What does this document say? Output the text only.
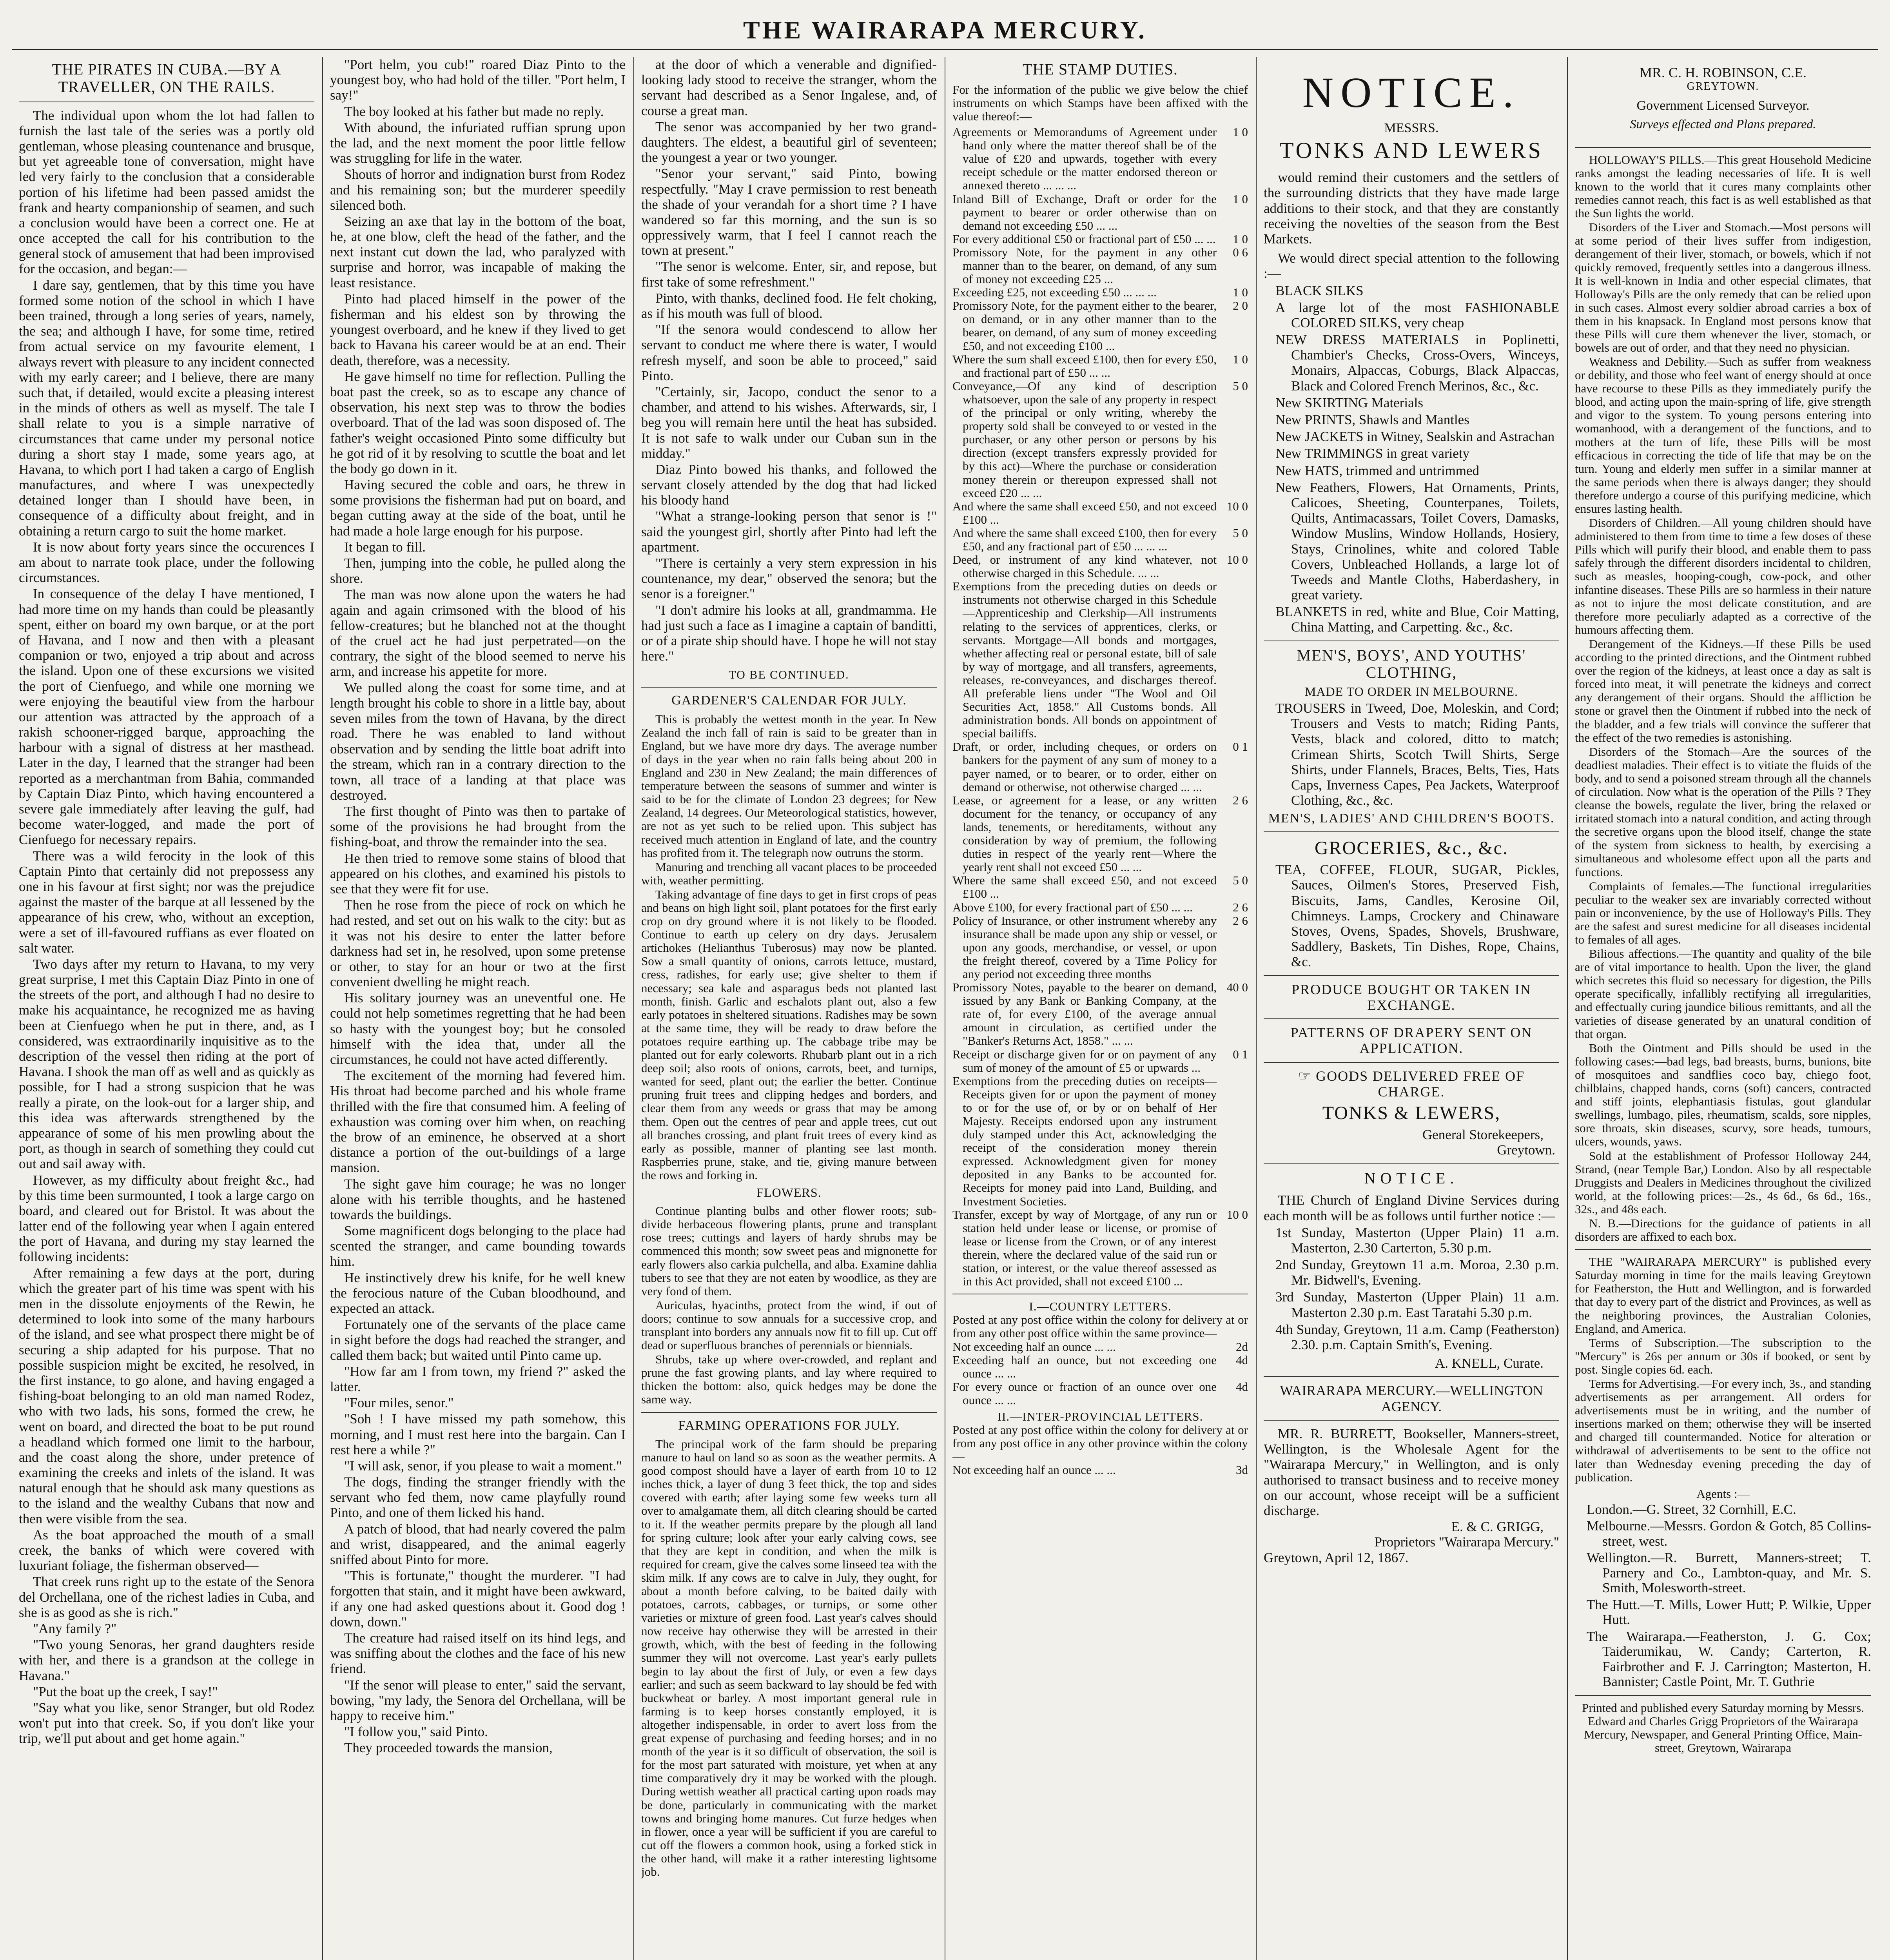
THE WAIRARAPA MERCURY.
THE PIRATES IN CUBA.—BY A TRAVELLER, ON THE RAILS.

The individual upon whom the lot had fallen to furnish the last tale of the series was a portly old gentleman, whose pleasing countenance and brusque, but yet agreeable tone of conversation, might have led very fairly to the conclusion that a considerable portion of his lifetime had been passed amidst the frank and hearty companionship of seamen, and such a conclusion would have been a correct one. He at once accepted the call for his contribution to the general stock of amusement that had been improvised for the occasion, and began:—

I dare say, gentlemen, that by this time you have formed some notion of the school in which I have been trained, through a long series of years, namely, the sea; and although I have, for some time, retired from actual service on my favourite element, I always revert with pleasure to any incident connected with my early career; and I believe, there are many such that, if detailed, would excite a pleasing interest in the minds of others as well as myself. The tale I shall relate to you is a simple narrative of circumstances that came under my personal notice during a short stay I made, some years ago, at Havana, to which port I had taken a cargo of English manufactures, and where I was unexpectedly detained longer than I should have been, in consequence of a difficulty about freight, and in obtaining a return cargo to suit the home market.

It is now about forty years since the occurences I am about to narrate took place, under the following circumstances.

In consequence of the delay I have mentioned, I had more time on my hands than could be pleasantly spent, either on board my own barque, or at the port of Havana, and I now and then with a pleasant companion or two, enjoyed a trip about and across the island. Upon one of these excursions we visited the port of Cienfuego, and while one morning we were enjoying the beautiful view from the harbour our attention was attracted by the approach of a rakish schooner-rigged barque, approaching the harbour with a signal of distress at her masthead. Later in the day, I learned that the stranger had been reported as a merchantman from Bahia, commanded by Captain Diaz Pinto, which having encountered a severe gale immediately after leaving the gulf, had become water-logged, and made the port of Cienfuego for necessary repairs.

There was a wild ferocity in the look of this Captain Pinto that certainly did not prepossess any one in his favour at first sight; nor was the prejudice against the master of the barque at all lessened by the appearance of his crew, who, without an exception, were a set of ill-favoured ruffians as ever floated on salt water.

Two days after my return to Havana, to my very great surprise, I met this Captain Diaz Pinto in one of the streets of the port, and although I had no desire to make his acquaintance, he recognized me as having been at Cienfuego when he put in there, and, as I considered, was extraordinarily inquisitive as to the description of the vessel then riding at the port of Havana. I shook the man off as well and as quickly as possible, for I had a strong suspicion that he was really a pirate, on the look-out for a larger ship, and this idea was afterwards strengthened by the appearance of some of his men prowling about the port, as though in search of something they could cut out and sail away with.

However, as my difficulty about freight &c., had by this time been surmounted, I took a large cargo on board, and cleared out for Bristol. It was about the latter end of the following year when I again entered the port of Havana, and during my stay learned the following incidents:

After remaining a few days at the port, during which the greater part of his time was spent with his men in the dissolute enjoyments of the Rewin, he determined to look into some of the many harbours of the island, and see what prospect there might be of securing a ship adapted for his purpose. That no possible suspicion might be excited, he resolved, in the first instance, to go alone, and having engaged a fishing-boat belonging to an old man named Rodez, who with two lads, his sons, formed the crew, he went on board, and directed the boat to be put round a headland which formed one limit to the harbour, and the coast along the shore, under pretence of examining the creeks and inlets of the island. It was natural enough that he should ask many questions as to the island and the wealthy Cubans that now and then were visible from the sea.

As the boat approached the mouth of a small creek, the banks of which were covered with luxuriant foliage, the fisherman observed—

That creek runs right up to the estate of the Senora del Orchellana, one of the richest ladies in Cuba, and she is as good as she is rich."

"Any family ?"

"Two young Senoras, her grand daughters reside with her, and there is a grandson at the college in Havana."

"Put the boat up the creek, I say!"

"Say what you like, senor Stranger, but old Rodez won't put into that creek. So, if you don't like your trip, we'll put about and get home again."

"Port helm, you cub!" roared Diaz Pinto to the youngest boy, who had hold of the tiller. "Port helm, I say!"

The boy looked at his father but made no reply.

With abound, the infuriated ruffian sprung upon the lad, and the next moment the poor little fellow was struggling for life in the water.

Shouts of horror and indignation burst from Rodez and his remaining son; but the murderer speedily silenced both.

Seizing an axe that lay in the bottom of the boat, he, at one blow, cleft the head of the father, and the next instant cut down the lad, who paralyzed with surprise and horror, was incapable of making the least resistance.

Pinto had placed himself in the power of the fisherman and his eldest son by throwing the youngest overboard, and he knew if they lived to get back to Havana his career would be at an end. Their death, therefore, was a necessity.

He gave himself no time for reflection. Pulling the boat past the creek, so as to escape any chance of observation, his next step was to throw the bodies overboard. That of the lad was soon disposed of. The father's weight occasioned Pinto some difficulty but he got rid of it by resolving to scuttle the boat and let the body go down in it.

Having secured the coble and oars, he threw in some provisions the fisherman had put on board, and began cutting away at the side of the boat, until he had made a hole large enough for his purpose.

It began to fill.

Then, jumping into the coble, he pulled along the shore.

The man was now alone upon the waters he had again and again crimsoned with the blood of his fellow-creatures; but he blanched not at the thought of the cruel act he had just perpetrated—on the contrary, the sight of the blood seemed to nerve his arm, and increase his appetite for more.

We pulled along the coast for some time, and at length brought his coble to shore in a little bay, about seven miles from the town of Havana, by the direct road. There he was enabled to land without observation and by sending the little boat adrift into the stream, which ran in a contrary direction to the town, all trace of a landing at that place was destroyed.

The first thought of Pinto was then to partake of some of the provisions he had brought from the fishing-boat, and throw the remainder into the sea.

He then tried to remove some stains of blood that appeared on his clothes, and examined his pistols to see that they were fit for use.

Then he rose from the piece of rock on which he had rested, and set out on his walk to the city: but as it was not his desire to enter the latter before darkness had set in, he resolved, upon some pretense or other, to stay for an hour or two at the first convenient dwelling he might reach.

His solitary journey was an uneventful one. He could not help sometimes regretting that he had been so hasty with the youngest boy; but he consoled himself with the idea that, under all the circumstances, he could not have acted differently.

The excitement of the morning had fevered him. His throat had become parched and his whole frame thrilled with the fire that consumed him. A feeling of exhaustion was coming over him when, on reaching the brow of an eminence, he observed at a short distance a portion of the out-buildings of a large mansion.

The sight gave him courage; he was no longer alone with his terrible thoughts, and he hastened towards the buildings.

Some magnificent dogs belonging to the place had scented the stranger, and came bounding towards him.

He instinctively drew his knife, for he well knew the ferocious nature of the Cuban bloodhound, and expected an attack.

Fortunately one of the servants of the place came in sight before the dogs had reached the stranger, and called them back; but waited until Pinto came up.

"How far am I from town, my friend ?" asked the latter.

"Four miles, senor."

"Soh ! I have missed my path somehow, this morning, and I must rest here into the bargain. Can I rest here a while ?"

"I will ask, senor, if you please to wait a moment."

The dogs, finding the stranger friendly with the servant who fed them, now came playfully round Pinto, and one of them licked his hand.

A patch of blood, that had nearly covered the palm and wrist, disappeared, and the animal eagerly sniffed about Pinto for more.

"This is fortunate," thought the murderer. "I had forgotten that stain, and it might have been awkward, if any one had asked questions about it. Good dog ! down, down."

The creature had raised itself on its hind legs, and was sniffing about the clothes and the face of his new friend.

"If the senor will please to enter," said the servant, bowing, "my lady, the Senora del Orchellana, will be happy to receive him."

"I follow you," said Pinto.

They proceeded towards the mansion,

at the door of which a venerable and dignified-looking lady stood to receive the stranger, whom the servant had described as a Senor Ingalese, and, of course a great man.

The senor was accompanied by her two grand-daughters. The eldest, a beautiful girl of seventeen; the youngest a year or two younger.

"Senor your servant," said Pinto, bowing respectfully. "May I crave permission to rest beneath the shade of your verandah for a short time ? I have wandered so far this morning, and the sun is so oppressively warm, that I feel I cannot reach the town at present."

"The senor is welcome. Enter, sir, and repose, but first take of some refreshment."

Pinto, with thanks, declined food. He felt choking, as if his mouth was full of blood.

"If the senora would condescend to allow her servant to conduct me where there is water, I would refresh myself, and soon be able to proceed," said Pinto.

"Certainly, sir, Jacopo, conduct the senor to a chamber, and attend to his wishes. Afterwards, sir, I beg you will remain here until the heat has subsided. It is not safe to walk under our Cuban sun in the midday."

Diaz Pinto bowed his thanks, and followed the servant closely attended by the dog that had licked his bloody hand

"What a strange-looking person that senor is !" said the youngest girl, shortly after Pinto had left the apartment.

"There is certainly a very stern expression in his countenance, my dear," observed the senora; but the senor is a foreigner."

"I don't admire his looks at all, grandmamma. He had just such a face as I imagine a captain of banditti, or of a pirate ship should have. I hope he will not stay here."

TO BE CONTINUED.
GARDENER'S CALENDAR FOR JULY.

This is probably the wettest month in the year. In New Zealand the inch fall of rain is said to be greater than in England, but we have more dry days. The average number of days in the year when no rain falls being about 200 in England and 230 in New Zealand; the main differences of temperature between the seasons of summer and winter is said to be for the climate of London 23 degrees; for New Zealand, 14 degrees. Our Meteorological statistics, however, are not as yet such to be relied upon. This subject has received much attention in England of late, and the country has profited from it. The telegraph now outruns the storm.

Manuring and trenching all vacant places to be proceeded with, weather permitting.

Taking advantage of fine days to get in first crops of peas and beans on high light soil, plant potatoes for the first early crop on dry ground where it is not likely to be flooded. Continue to earth up celery on dry days. Jerusalem artichokes (Helianthus Tuberosus) may now be planted. Sow a small quantity of onions, carrots lettuce, mustard, cress, radishes, for early use; give shelter to them if necessary; sea kale and asparagus beds not planted last month, finish. Garlic and eschalots plant out, also a few early potatoes in sheltered situations. Radishes may be sown at the same time, they will be ready to draw before the potatoes require earthing up. The cabbage tribe may be planted out for early coleworts. Rhubarb plant out in a rich deep soil; also roots of onions, carrots, beet, and turnips, wanted for seed, plant out; the earlier the better. Continue pruning fruit trees and clipping hedges and borders, and clear them from any weeds or grass that may be among them. Open out the centres of pear and apple trees, cut out all branches crossing, and plant fruit trees of every kind as early as possible, manner of planting see last month. Raspberries prune, stake, and tie, giving manure between the rows and forking in.

FLOWERS.

Continue planting bulbs and other flower roots; sub-divide herbaceous flowering plants, prune and transplant rose trees; cuttings and layers of hardy shrubs may be commenced this month; sow sweet peas and mignonette for early flowers also carkia pulchella, and alba. Examine dahlia tubers to see that they are not eaten by woodlice, as they are very fond of them.

Auriculas, hyacinths, protect from the wind, if out of doors; continue to sow annuals for a successive crop, and transplant into borders any annuals now fit to fill up. Cut off dead or superfluous branches of perennials or biennials.

Shrubs, take up where over-crowded, and replant and prune the fast growing plants, and lay where required to thicken the bottom: also, quick hedges may be done the same way.

FARMING OPERATIONS FOR JULY.

The principal work of the farm should be preparing manure to haul on land so as soon as the weather permits. A good compost should have a layer of earth from 10 to 12 inches thick, a layer of dung 3 feet thick, the top and sides covered with earth; after laying some few weeks turn all over to amalgamate them, all ditch clearing should be carted to it. If the weather permits prepare by the plough all land for spring culture; look after your early calving cows, see that they are kept in condition, and when the milk is required for cream, give the calves some linseed tea with the skim milk. If any cows are to calve in July, they ought, for about a month before calving, to be baited daily with potatoes, carrots, cabbages, or turnips, or some other varieties or mixture of green food. Last year's calves should now receive hay otherwise they will be arrested in their growth, which, with the best of feeding in the following summer they will not overcome. Last year's early pullets begin to lay about the first of July, or even a few days earlier; and such as seem backward to lay should be fed with buckwheat or barley. A most important general rule in farming is to keep horses constantly employed, it is altogether indispensable, in order to avert loss from the great expense of purchasing and feeding horses; and in no month of the year is it so difficult of observation, the soil is for the most part saturated with moisture, yet when at any time comparatively dry it may be worked with the plough. During wettish weather all practical carting upon roads may be done, particularly in communicating with the market towns and bringing home manures. Cut furze hedges when in flower, once a year will be sufficient if you are careful to cut off the flowers a common hook, using a forked stick in the other hand, will make it a rather interesting lightsome job.

THE STAMP DUTIES.
For the information of the public we give below the chief instruments on which Stamps have been affixed with the value thereof:—
Agreements or Memorandums of Agreement under hand only where the matter thereof shall be of the value of £20 and upwards, together with every receipt schedule or the matter endorsed thereon or annexed thereto ... ... ...
1 0
Inland Bill of Exchange, Draft or order for the payment to bearer or order otherwise than on demand not exceeding £50 ... ...
1 0
For every additional £50 or fractional part of £50 ... ...	1 0
Promissory Note, for the payment in any other manner than to the bearer, on demand, of any sum of money not exceeding £25 ...
0 6
Exceeding £25, not exceeding £50 ... ... ...	1 0
Promissory Note, for the payment either to the bearer, on demand, or in any other manner than to the bearer, on demand, of any sum of money exceeding £50, and not exceeding £100 ...
2 0
Where the sum shall exceed £100, then for every £50, and fractional part of £50 ... ...
1 0
Conveyance,—Of any kind of description whatsoever, upon the sale of any property in respect of the principal or only writing, whereby the property sold shall be conveyed to or vested in the purchaser, or any other person or persons by his direction (except transfers expressly provided for by this act)—Where the purchase or consideration money therein or thereupon expressed shall not exceed £20 ... ...
5 0
And where the same shall exceed £50, and not exceed £100 ...
10 0
And where the same shall exceed £100, then for every £50, and any fractional part of £50 ... ... ...
5 0
Deed, or instrument of any kind whatever, not otherwise charged in this Schedule. ... ...
10 0
Exemptions from the preceding duties on deeds or instruments not otherwise charged in this Schedule—Apprenticeship and Clerkship—All instruments relating to the services of apprentices, clerks, or servants. Mortgage—All bonds and mortgages, whether affecting real or personal estate, bill of sale by way of mortgage, and all transfers, agreements, releases, re-conveyances, and discharges thereof. All preferable liens under "The Wool and Oil Securities Act, 1858." All Customs bonds. All administration bonds. All bonds on appointment of special bailiffs.
Draft, or order, including cheques, or orders on bankers for the payment of any sum of money to a payer named, or to bearer, or to order, either on demand or otherwise, not otherwise charged ... ...
0 1
Lease, or agreement for a lease, or any written document for the tenancy, or occupancy of any lands, tenements, or hereditaments, without any consideration by way of premium, the following duties in respect of the yearly rent—Where the yearly rent shall not exceed £50 ... ...
2 6
Where the same shall exceed £50, and not exceed £100 ...
5 0
Above £100, for every fractional part of £50 ... ...	2 6
Policy of Insurance, or other instrument whereby any insurance shall be made upon any ship or vessel, or upon any goods, merchandise, or vessel, or upon the freight thereof, covered by a Time Policy for any period not exceeding three months
2 6
Promissory Notes, payable to the bearer on demand, issued by any Bank or Banking Company, at the rate of, for every £100, of the average annual amount in circulation, as certified under the "Banker's Returns Act, 1858." ... ...
40 0
Receipt or discharge given for or on payment of any sum of money of the amount of £5 or upwards ...
0 1
Exemptions from the preceding duties on receipts—Receipts given for or upon the payment of money to or for the use of, or by or on behalf of Her Majesty. Receipts endorsed upon any instrument duly stamped under this Act, acknowledging the receipt of the consideration money therein expressed. Acknowledgment given for money deposited in any Banks to be accounted for. Receipts for money paid into Land, Building, and Investment Societies.
Transfer, except by way of Mortgage, of any run or station held under lease or license, or promise of lease or license from the Crown, or of any interest therein, where the declared value of the said run or station, or interest, or the value thereof assessed as in this Act provided, shall not exceed £100 ...
10 0
I.—COUNTRY LETTERS.
Posted at any post office within the colony for delivery at or from any other post office within the same province—
Not exceeding half an ounce ... ...	2d
Exceeding half an ounce, but not exceeding one ounce ... ...
4d
For every ounce or fraction of an ounce over one ounce ... ...
4d
II.—INTER-PROVINCIAL LETTERS.
Posted at any post office within the colony for delivery at or from any post office in any other province within the colony—
Not exceeding half an ounce ... ...	3d
NOTICE.
MESSRS.
TONKS AND LEWERS

would remind their customers and the settlers of the surrounding districts that they have made large additions to their stock, and that they are constantly receiving the novelties of the season from the Best Markets.

We would direct special attention to the following :—

BLACK SILKS
A large lot of the most FASHIONABLE COLORED SILKS, very cheap
NEW DRESS MATERIALS in Poplinetti, Chambier's Checks, Cross-Overs, Winceys, Monairs, Alpaccas, Coburgs, Black Alpaccas, Black and Colored French Merinos, &c., &c.
New SKIRTING Materials
New PRINTS, Shawls and Mantles
New JACKETS in Witney, Sealskin and Astrachan
New TRIMMINGS in great variety
New HATS, trimmed and untrimmed
New Feathers, Flowers, Hat Ornaments, Prints, Calicoes, Sheeting, Counterpanes, Toilets, Quilts, Antimacassars, Toilet Covers, Damasks, Window Muslins, Window Hollands, Hosiery, Stays, Crinolines, white and colored Table Covers, Unbleached Hollands, a large lot of Tweeds and Mantle Cloths, Haberdashery, in great variety.
BLANKETS in red, white and Blue, Coir Matting, China Matting, and Carpetting. &c., &c.
MEN'S, BOYS', AND YOUTHS' CLOTHING,
MADE TO ORDER IN MELBOURNE.
TROUSERS in Tweed, Doe, Moleskin, and Cord; Trousers and Vests to match; Riding Pants, Vests, black and colored, ditto to match; Crimean Shirts, Scotch Twill Shirts, Serge Shirts, under Flannels, Braces, Belts, Ties, Hats Caps, Inverness Capes, Pea Jackets, Waterproof Clothing, &c., &c.
MEN'S, LADIES' AND CHILDREN'S BOOTS.
GROCERIES, &c., &c.
TEA, COFFEE, FLOUR, SUGAR, Pickles, Sauces, Oilmen's Stores, Preserved Fish, Biscuits, Jams, Candles, Kerosine Oil, Chimneys. Lamps, Crockery and Chinaware Stoves, Ovens, Spades, Shovels, Brushware, Saddlery, Baskets, Tin Dishes, Rope, Chains, &c.
PRODUCE BOUGHT OR TAKEN IN EXCHANGE.
PATTERNS OF DRAPERY SENT ON APPLICATION.
☞ GOODS DELIVERED FREE OF CHARGE.
TONKS & LEWERS,
General Storekeepers,
Greytown.
NOTICE.

THE Church of England Divine Services during each month will be as follows until further notice :—

1st Sunday, Masterton (Upper Plain) 11 a.m. Masterton, 2.30 Carterton, 5.30 p.m.
2nd Sunday, Greytown 11 a.m. Moroa, 2.30 p.m. Mr. Bidwell's, Evening.
3rd Sunday, Masterton (Upper Plain) 11 a.m. Masterton 2.30 p.m. East Taratahi 5.30 p.m.
4th Sunday, Greytown, 11 a.m. Camp (Featherston) 2.30. p.m. Captain Smith's, Evening.
A. KNELL, Curate.
WAIRARAPA MERCURY.—WELLINGTON AGENCY.

MR. R. BURRETT, Bookseller, Manners-street, Wellington, is the Wholesale Agent for the "Wairarapa Mercury," in Wellington, and is only authorised to transact business and to receive money on our account, whose receipt will be a sufficient discharge.

E. & C. GRIGG,
Proprietors "Wairarapa Mercury."
Greytown, April 12, 1867.
MR. C. H. ROBINSON, C.E.
GREYTOWN.
Government Licensed Surveyor.
Surveys effected and Plans prepared.

HOLLOWAY'S PILLS.—This great Household Medicine ranks amongst the leading necessaries of life. It is well known to the world that it cures many complaints other remedies cannot reach, this fact is as well established as that the Sun lights the world.

Disorders of the Liver and Stomach.—Most persons will at some period of their lives suffer from indigestion, derangement of their liver, stomach, or bowels, which if not quickly removed, frequently settles into a dangerous illness. It is well-known in India and other especial climates, that Holloway's Pills are the only remedy that can be relied upon in such cases. Almost every soldier abroad carries a box of them in his knapsack. In England most persons know that these Pills will cure them whenever the liver, stomach, or bowels are out of order, and that they need no physician.

Weakness and Debility.—Such as suffer from weakness or debility, and those who feel want of energy should at once have recourse to these Pills as they immediately purify the blood, and acting upon the main-spring of life, give strength and vigor to the system. To young persons entering into womanhood, with a derangement of the functions, and to mothers at the turn of life, these Pills will be most efficacious in correcting the tide of life that may be on the turn. Young and elderly men suffer in a similar manner at the same periods when there is always danger; they should therefore undergo a course of this purifying medicine, which ensures lasting health.

Disorders of Children.—All young children should have administered to them from time to time a few doses of these Pills which will purify their blood, and enable them to pass safely through the different disorders incidental to children, such as measles, hooping-cough, cow-pock, and other infantine diseases. These Pills are so harmless in their nature as not to injure the most delicate constitution, and are therefore more peculiarly adapted as a corrective of the humours affecting them.

Derangement of the Kidneys.—If these Pills be used according to the printed directions, and the Ointment rubbed over the region of the kidneys, at least once a day as salt is forced into meat, it will penetrate the kidneys and correct any derangement of their organs. Should the affliction be stone or gravel then the Ointment if rubbed into the neck of the bladder, and a few trials will convince the sufferer that the effect of the two remedies is astonishing.

Disorders of the Stomach—Are the sources of the deadliest maladies. Their effect is to vitiate the fluids of the body, and to send a poisoned stream through all the channels of circulation. Now what is the operation of the Pills ? They cleanse the bowels, regulate the liver, bring the relaxed or irritated stomach into a natural condition, and acting through the secretive organs upon the blood itself, change the state of the system from sickness to health, by exercising a simultaneous and wholesome effect upon all the parts and functions.

Complaints of females.—The functional irregularities peculiar to the weaker sex are invariably corrected without pain or inconvenience, by the use of Holloway's Pills. They are the safest and surest medicine for all diseases incidental to females of all ages.

Bilious affections.—The quantity and quality of the bile are of vital importance to health. Upon the liver, the gland which secretes this fluid so necessary for digestion, the Pills operate specifically, infallibly rectifying all irregularities, and effectually curing jaundice bilious remittants, and all the varieties of disease generated by an unatural condition of that organ.

Both the Ointment and Pills should be used in the following cases:—bad legs, bad breasts, burns, bunions, bite of mosquitoes and sandflies coco bay, chiego foot, chilblains, chapped hands, corns (soft) cancers, contracted and stiff joints, elephantiasis fistulas, gout glandular swellings, lumbago, piles, rheumatism, scalds, sore nipples, sore throats, skin diseases, scurvy, sore heads, tumours, ulcers, wounds, yaws.

Sold at the establishment of Professor Holloway 244, Strand, (near Temple Bar,) London. Also by all respectable Druggists and Dealers in Medicines throughout the civilized world, at the following prices:—2s., 4s 6d., 6s 6d., 16s., 32s., and 48s each.

N. B.—Directions for the guidance of patients in all disorders are affixed to each box.

THE "WAIRARAPA MERCURY" is published every Saturday morning in time for the mails leaving Greytown for Featherston, the Hutt and Wellington, and is forwarded that day to every part of the district and Provinces, as well as the neighboring provinces, the Australian Colonies, England, and America.

Terms of Subscription.—The subscription to the "Mercury" is 26s per annum or 30s if booked, or sent by post. Single copies 6d. each.

Terms for Advertising.—For every inch, 3s., and standing advertisements as per arrangement. All orders for advertisements must be in writing, and the number of insertions marked on them; otherwise they will be inserted and charged till countermanded. Notice for alteration or withdrawal of advertisements to be sent to the office not later than Wednesday evening preceding the day of publication.

Agents :—
London.—G. Street, 32 Cornhill, E.C.
Melbourne.—Messrs. Gordon & Gotch, 85 Collins-street, west.
Wellington.—R. Burrett, Manners-street; T. Parnery and Co., Lambton-quay, and Mr. S. Smith, Molesworth-street.
The Hutt.—T. Mills, Lower Hutt; P. Wilkie, Upper Hutt.
The Wairarapa.—Featherston, J. G. Cox; Taiderumikau, W. Candy; Carterton, R. Fairbrother and F. J. Carrington; Masterton, H. Bannister; Castle Point, Mr. T. Guthrie
Printed and published every Saturday morning by Messrs. Edward and Charles Grigg Proprietors of the Wairarapa Mercury, Newspaper, and General Printing Office, Main-street, Greytown, Wairarapa
